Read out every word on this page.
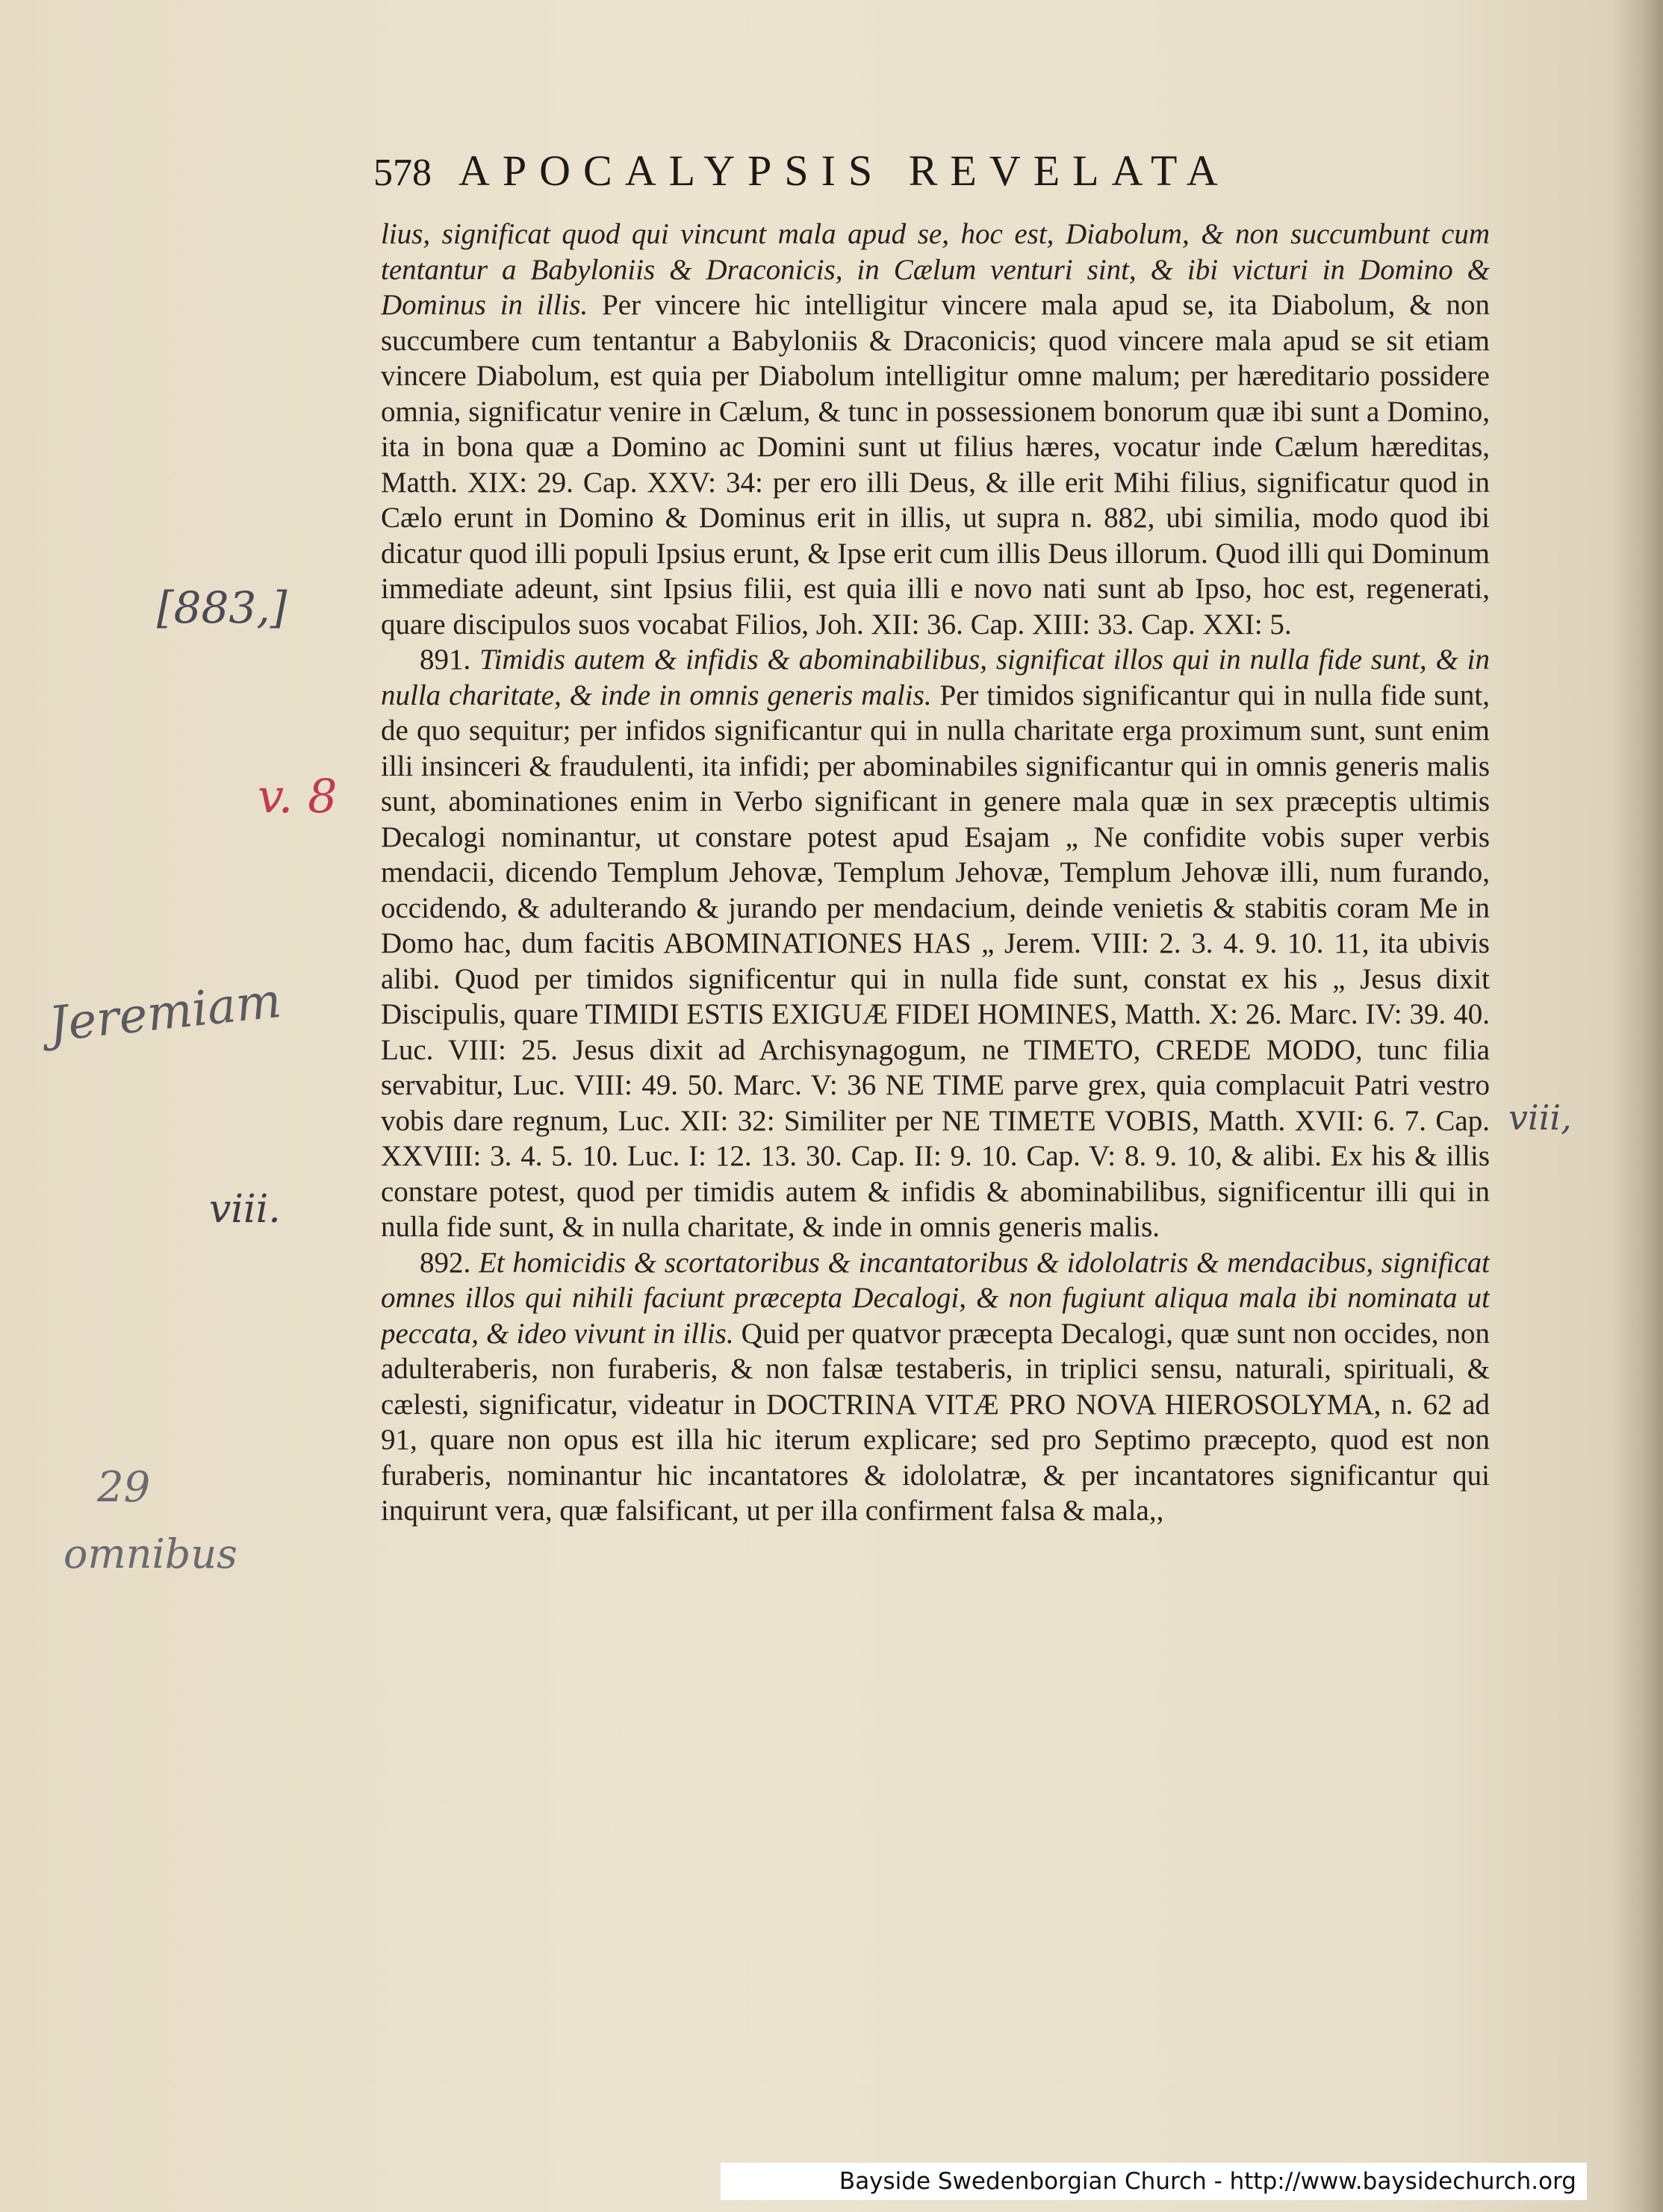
578 APOCALYPSIS REVELATA

lius, significat quod qui vincunt mala apud se, hoc est, Diabolum, & non succumbunt cum tentantur a Babyloniis & Draconicis, in Cælum venturi sint, & ibi victuri in Domino & Dominus in illis. Per vincere hic intelligitur vincere mala apud se, ita Diabolum, & non succumbere cum tentantur a Babyloniis & Draconicis; quod vincere mala apud se sit etiam vincere Diabolum, est quia per Diabolum intelligitur omne malum; per hæreditario possidere omnia, significatur venire in Cælum, & tunc in possessionem bonorum quæ ibi sunt a Domino, ita in bona quæ a Domino ac Domini sunt ut filius hæres, vocatur inde Cælum hæreditas, Matth. XIX: 29. Cap. XXV: 34: per ero illi Deus, & ille erit Mihi filius, significatur quod in Cælo erunt in Domino & Dominus erit in illis, ut supra n. 882, ubi similia, modo quod ibi dicatur quod illi populi Ipsius erunt, & Ipse erit cum illis Deus illorum. Quod illi qui Dominum immediate adeunt, sint Ipsius filii, est quia illi e novo nati sunt ab Ipso, hoc est, regenerati, quare discipulos suos vocabat Filios, Joh. XII: 36. Cap. XIII: 33. Cap. XXI: 5.

891. Timidis autem & infidis & abominabilibus, significat illos qui in nulla fide sunt, & in nulla charitate, & inde in omnis generis malis. Per timidos significantur qui in nulla fide sunt, de quo sequitur; per infidos significantur qui in nulla charitate erga proximum sunt, sunt enim illi insinceri & fraudulenti, ita infidi; per abominabiles significantur qui in omnis generis malis sunt, abominationes enim in Verbo significant in genere mala quæ in sex præceptis ultimis Decalogi nominantur, ut constare potest apud Esajam „ Ne confidite vobis super verbis mendacii, dicendo Templum Jehovæ, Templum Jehovæ, Templum Jehovæ illi, num furando, occidendo, & adulterando & jurando per mendacium, deinde venietis & stabitis coram Me in Domo hac, dum facitis ABOMINATIONES HAS „ Jerem. VIII: 2. 3. 4. 9. 10. 11, ita ubivis alibi. Quod per timidos significentur qui in nulla fide sunt, constat ex his „ Jesus dixit Discipulis, quare TIMIDI ESTIS EXIGUÆ FIDEI HOMINES, Matth. X: 26. Marc. IV: 39. 40. Luc. VIII: 25. Jesus dixit ad Archisynagogum, ne TIMETO, CREDE MODO, tunc filia servabitur, Luc. VIII: 49. 50. Marc. V: 36 NE TIME parve grex, quia complacuit Patri vestro vobis dare regnum, Luc. XII: 32: Similiter per NE TIMETE VOBIS, Matth. XVII: 6. 7. Cap. XXVIII: 3. 4. 5. 10. Luc. I: 12. 13. 30. Cap. II: 9. 10. Cap. V: 8. 9. 10, & alibi. Ex his & illis constare potest, quod per timidis autem & infidis & abominabilibus, significentur illi qui in nulla fide sunt, & in nulla charitate, & inde in omnis generis malis.

892. Et homicidis & scortatoribus & incantatoribus & idololatris & mendacibus, significat omnes illos qui nihili faciunt præcepta Decalogi, & non fugiunt aliqua mala ibi nominata ut peccata, & ideo vivunt in illis. Quid per quatvor præcepta Decalogi, quæ sunt non occides, non adulteraberis, non furaberis, & non falsæ testaberis, in triplici sensu, naturali, spirituali, & cælesti, significatur, videatur in DOCTRINA VITÆ PRO NOVA HIEROSOLYMA, n. 62 ad 91, quare non opus est illa hic iterum explicare; sed pro Septimo præcepto, quod est non furaberis, nominantur hic incantatores & idololatræ, & per incantatores significantur qui inquirunt vera, quæ falsificant, ut per illa confirment falsa & mala,,

[883,]
v. 8
Jeremiam
viii.
viii,
29
omnibus
Bayside Swedenborgian Church - http://www.baysidechurch.org
